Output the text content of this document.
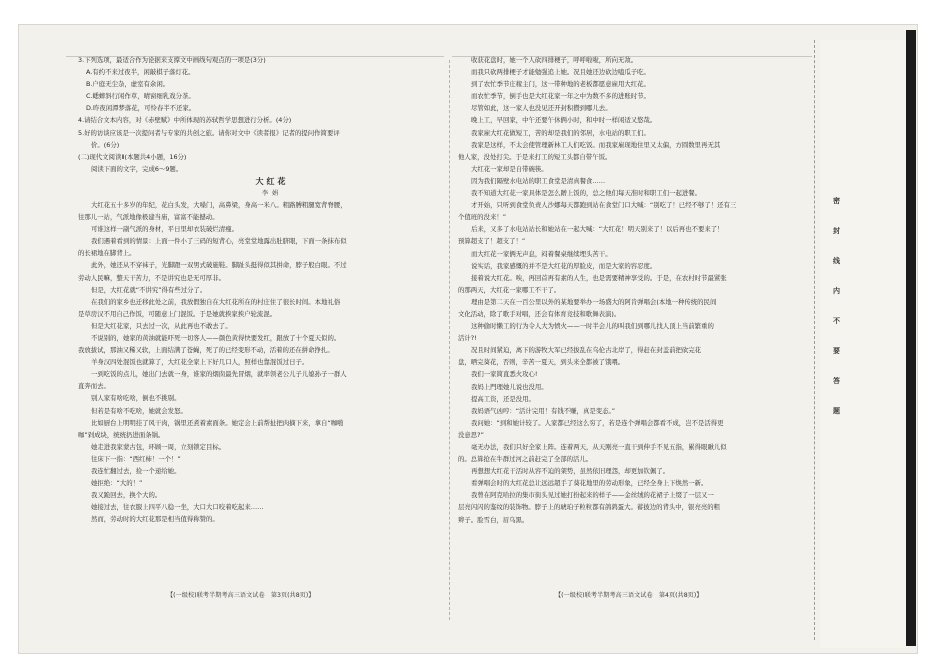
3.下列选项，最适合作为论据来支撑文中画线句观点的一项是(3分)
A.有约不来过夜半，闲敲棋子落灯花。
B.户庭无尘杂，虚室有余闲。
C.蟋蟀斜行闲作草，晴窗细乳戏分茶。
D.昨夜闲潭梦落花，可怜春半不还家。
4.请结合文本内容，对《赤壁赋》中所体现的苏轼哲学思想进行分析。(4分)
5.好的访谈应该是一次提问者与专家的共创之旅。请你对文中《读者报》记者的提问作简要评
价。(6分)
(二)现代文阅读Ⅱ(本题共4小题，16分)
阅读下面的文字，完成6～9题。
大红花
李娟
大红花五十多岁的年纪，花白头发，大嗓门，高鼻梁，身高一米八。粗路膊粗腿宽背脊腰，
往那儿一站，气派地像极建当庙，富富不能撼动。
可谁这样一副气派的身材，平日里却衣装破烂清瘦。
我们遇着看到的情景：上面一件小了三码的短背心，亮堂堂地露出肚脐眼，下面一条抹布似
的长裙地在脚背上。
此外，她还从不穿袜子，光脚蹬一双男式破施鞋。脚趾头挺得似其拼命，脖子般白眼。不过
劳动人民嘛，整天干苦力，不是讲究也是无可厚非。
但是，大红花就“不讲究”得有些过分了。
在我们的家乡也迁移此处之前，我放假独自在大红花所在的村庄住了很长时间。本地礼俗
是草房汉不用自己作饭，可随意上门混饭。于是她就挨家挨户轮流混。
但是大红花家，只去过一次，从此再也不敢去了。
不说别的，她家的黄油就能吓死一切客人——颜色黄得快要发红，跟放了十个夏天似的。
我放拔试，那油又稀又软，上面结满了苍蝇，死了的已经变形不动，活着的还在拼命挣扎。
羊身汉四处混饭也就算了，大红花全家上下好几口人，照样也靠混饭过日子。
一到吃饭的点儿，她出门去就一身，谁家的烟囱最先冒烟，就率领老公儿子儿媳孙子一群人
直奔而去。
别人家有啥吃啥，倒也不挑剔。
但若是有啥不吃啥，她就会发怒。
比如厨台上明明挂了风干肉，锅里还煮着素面条。她定会上前帮扯把肉摘下来，拿自“咖啪
咖”剁成块，统统扔进面条锅。
她走进我家蒙古包，环顾一周，立刻锁定目标。
往床下一指：“西红柿！一个！”
我连忙翻过去，捡一个递给她。
她拒绝：“大的！”
我又跪回去，换个大的。
她接过去，往衣服上四平八稳一坐，大口大口咬着吃起来……
然而，劳动时的大红花那是相当值得称赞的。
收获花盘时，她一个人砍四排梗子，呼呼啦啦，所向无敌。
而我只砍两排梗子才能勉强追上她。况且她还边砍边嗑瓜子吃。
到了农忙季节庄稼主门，这一带种地的老板都愿意雇用大红花。
而农忙季节，倒手也是大红花家一年之中为数不多的进账时节。
尽管如此，这一家人也没见还开封积攒到哪儿去。
晚上工，早回家，中午还要午休俩小时，和中时一样闲适又悠哉。
我家雇大红花做短工，苦的却是我们的邻居，水电站的职工们。
我家是这样，不太会使管理新林工人们吃饭。而我家雇现地住里又太偏，方圆数里再无其
他人家，没处打尖。于是来打工的短工头都自带午饭。
大红花一家却是自带碗筷。
因为我们隔壁水电站的职工食堂是清真餐食……
我不知道大红花一家具体是怎么蹭上饭的，总之他们每天准时和职工们一起进餐。
才开始，只听到食堂负责人沙娜每天都跑到站在食堂门口大喊：“别吃了！已经不够了！还有三
个值班的没来！”
后来，又多了水电站站长和她站在一起大喊：“大红花！明天别来了！以后再也不要来了！
预算超支了！超支了！”
而大红花一家俩无声息，闷着餐桌继续埋头苦干。
说实话，我家感慨的并不是大红花的厚脸皮，而是大家的容忍度。
接着说大红花。唉，再回首再有素的人生，也是需要精神享受的。于是，在农村时节最紧张
的那两天，大红花一家哪工不干了。
理由是第二天在一百公里以外的某地要举办一场盛大的阿肯弹唱会(本地一种传统的民间
文化活动，除了歌手对唱，还会有体育竞技和歌舞表演)。
这种偷时懒工的行为令人大为愤火——一时半会儿的叫我们到哪儿找人顶上当前繁重的
活计?!
况且时间紧迫，离下的游牧大军已经拔乱在乌伦古北岸了，得赶在封盖前把砍完花
盘，晒完葵花，否则，辛苦一夏天，到头来全都被了饿喂。
我们一家简直悉火攻心!
我妈上門理她儿说也没用。
提高工资，还是没用。
我妈语气凶哼：“活计完用！有钱不赚，真是变态。”
我问她：“到和她计较了。人家都已经这么穷了，若是连个弹唱会都看不成，岂不是活得更
没意思?”
毫无办法，我们只好全家上阵。连着两天，从天刚亮一直干到伸手不见五指，累得眼瞅儿似
的。总算抢在牛群过河之前赶完了全部的活儿。
再想想大红花干活时从容不迫的架势，虽然依旧理怨，却更加钦佩了。
看弹唱会时的大红花总让远远超手了葵花地里的劳动形象，已经全身上下焕然一新。
我曾在阿克哈拉的集市街头见过她打扮起来的样子——金丝绒的花裙子上缀了一层又一
层亮闪闪的鉴纹的装饰物。脖子上的琥珀子粒粒都有鸽鹑蛋大。蓄披边的背头中，银亮亮的粗
辫子。脸雪白，眉乌黑。
【(一级校)联考半期考高三语文试卷　第3页(共8页)】	【(一级校)联考半期考高三语文试卷　第4页(共8页)】
密
封
线
内
不
要
答
题
